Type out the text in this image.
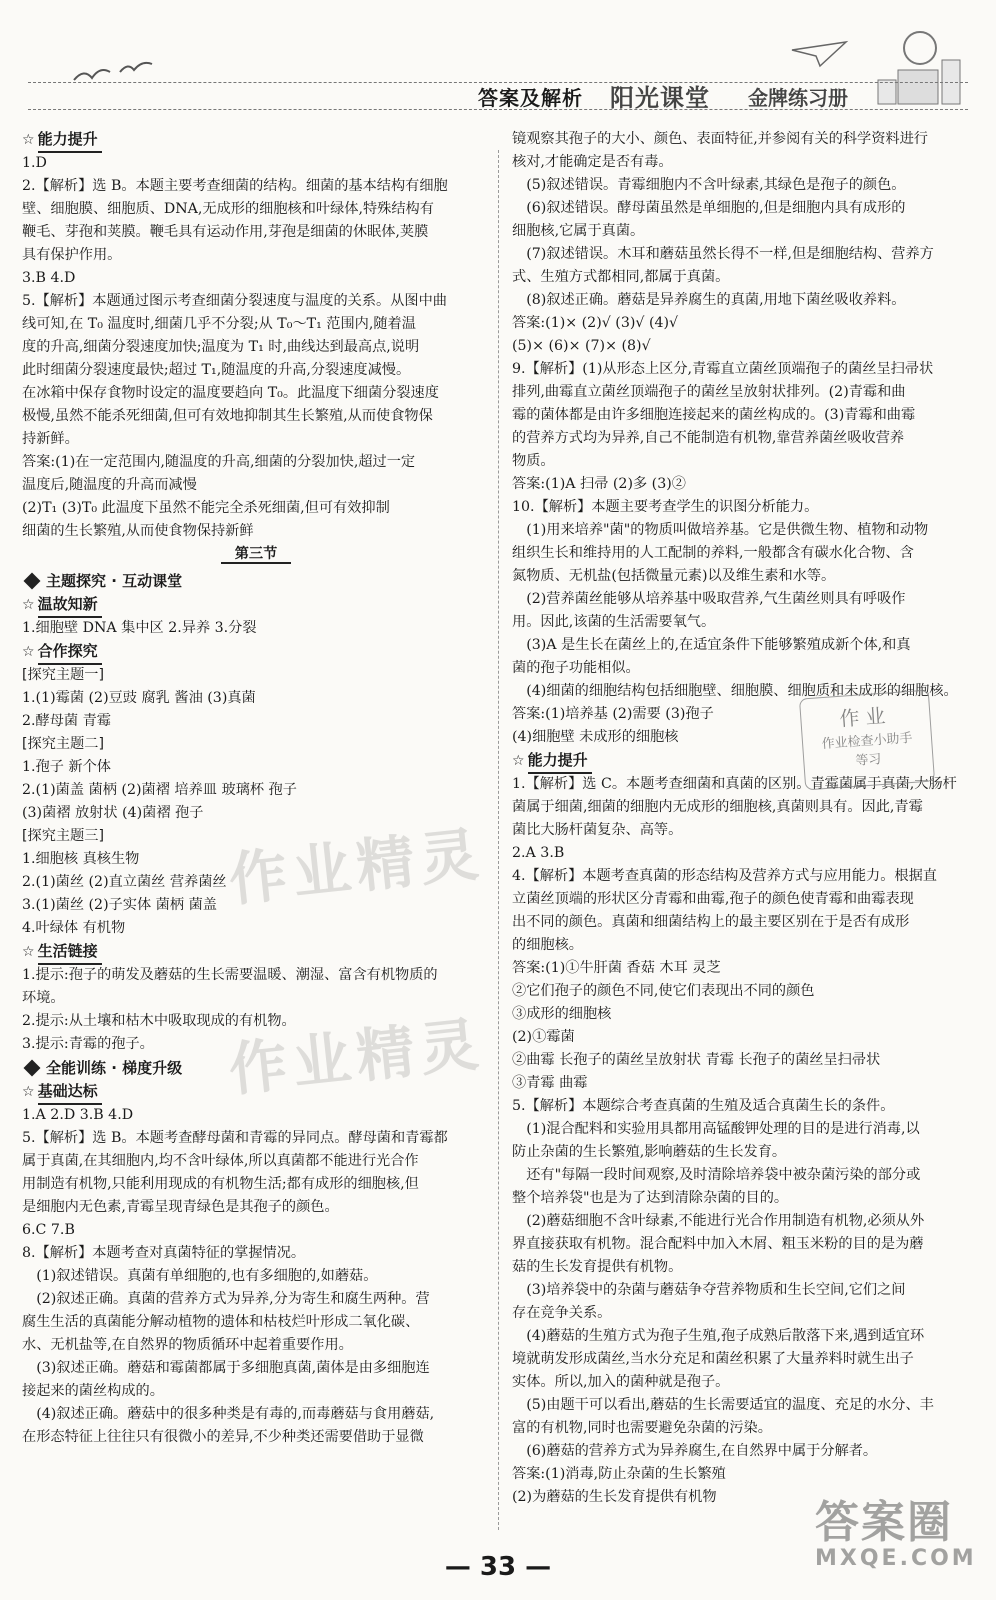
答案及解析 阳光课堂 金牌练习册
☆ 能力提升
1.D
2.【解析】选 B。本题主要考查细菌的结构。细菌的基本结构有细胞
壁、细胞膜、细胞质、DNA,无成形的细胞核和叶绿体,特殊结构有
鞭毛、芽孢和荚膜。鞭毛具有运动作用,芽孢是细菌的休眠体,荚膜
具有保护作用。
3.B 4.D
5.【解析】本题通过图示考查细菌分裂速度与温度的关系。从图中曲
线可知,在 T₀ 温度时,细菌几乎不分裂;从 T₀～T₁ 范围内,随着温
度的升高,细菌分裂速度加快;温度为 T₁ 时,曲线达到最高点,说明
此时细菌分裂速度最快;超过 T₁,随温度的升高,分裂速度减慢。
在冰箱中保存食物时设定的温度要趋向 T₀。此温度下细菌分裂速度
极慢,虽然不能杀死细菌,但可有效地抑制其生长繁殖,从而使食物保
持新鲜。
答案:(1)在一定范围内,随温度的升高,细菌的分裂加快,超过一定
温度后,随温度的升高而减慢
(2)T₁ (3)T₀ 此温度下虽然不能完全杀死细菌,但可有效抑制
细菌的生长繁殖,从而使食物保持新鲜
第三节
主题探究 · 互动课堂
☆ 温故知新
1.细胞壁 DNA 集中区 2.异养 3.分裂
☆ 合作探究
[探究主题一]
1.(1)霉菌 (2)豆豉 腐乳 酱油 (3)真菌
2.酵母菌 青霉
[探究主题二]
1.孢子 新个体
2.(1)菌盖 菌柄 (2)菌褶 培养皿 玻璃杯 孢子
(3)菌褶 放射状 (4)菌褶 孢子
[探究主题三]
1.细胞核 真核生物
2.(1)菌丝 (2)直立菌丝 营养菌丝
3.(1)菌丝 (2)子实体 菌柄 菌盖
4.叶绿体 有机物
☆ 生活链接
1.提示:孢子的萌发及蘑菇的生长需要温暖、潮湿、富含有机物质的
环境。
2.提示:从土壤和枯木中吸取现成的有机物。
3.提示:青霉的孢子。
全能训练 · 梯度升级
☆ 基础达标
1.A 2.D 3.B 4.D
5.【解析】选 B。本题考查酵母菌和青霉的异同点。酵母菌和青霉都
属于真菌,在其细胞内,均不含叶绿体,所以真菌都不能进行光合作
用制造有机物,只能利用现成的有机物生活;都有成形的细胞核,但
是细胞内无色素,青霉呈现青绿色是其孢子的颜色。
6.C 7.B
8.【解析】本题考查对真菌特征的掌握情况。
(1)叙述错误。真菌有单细胞的,也有多细胞的,如蘑菇。
(2)叙述正确。真菌的营养方式为异养,分为寄生和腐生两种。营
腐生生活的真菌能分解动植物的遗体和枯枝烂叶形成二氧化碳、
水、无机盐等,在自然界的物质循环中起着重要作用。
(3)叙述正确。蘑菇和霉菌都属于多细胞真菌,菌体是由多细胞连
接起来的菌丝构成的。
(4)叙述正确。蘑菇中的很多种类是有毒的,而毒蘑菇与食用蘑菇,
在形态特征上往往只有很微小的差异,不少种类还需要借助于显微
镜观察其孢子的大小、颜色、表面特征,并参阅有关的科学资料进行
核对,才能确定是否有毒。
(5)叙述错误。青霉细胞内不含叶绿素,其绿色是孢子的颜色。
(6)叙述错误。酵母菌虽然是单细胞的,但是细胞内具有成形的
细胞核,它属于真菌。
(7)叙述错误。木耳和蘑菇虽然长得不一样,但是细胞结构、营养方
式、生殖方式都相同,都属于真菌。
(8)叙述正确。蘑菇是异养腐生的真菌,用地下菌丝吸收养料。
答案:(1)× (2)√ (3)√ (4)√
(5)× (6)× (7)× (8)√
9.【解析】(1)从形态上区分,青霉直立菌丝顶端孢子的菌丝呈扫帚状
排列,曲霉直立菌丝顶端孢子的菌丝呈放射状排列。(2)青霉和曲
霉的菌体都是由许多细胞连接起来的菌丝构成的。(3)青霉和曲霉
的营养方式均为异养,自己不能制造有机物,靠营养菌丝吸收营养
物质。
答案:(1)A 扫帚 (2)多 (3)②
10.【解析】本题主要考查学生的识图分析能力。
(1)用来培养"菌"的物质叫做培养基。它是供微生物、植物和动物
组织生长和维持用的人工配制的养料,一般都含有碳水化合物、含
氮物质、无机盐(包括微量元素)以及维生素和水等。
(2)营养菌丝能够从培养基中吸取营养,气生菌丝则具有呼吸作
用。因此,该菌的生活需要氧气。
(3)A 是生长在菌丝上的,在适宜条件下能够繁殖成新个体,和真
菌的孢子功能相似。
(4)细菌的细胞结构包括细胞壁、细胞膜、细胞质和未成形的细胞核。
答案:(1)培养基 (2)需要 (3)孢子
(4)细胞壁 未成形的细胞核
☆ 能力提升
1.【解析】选 C。本题考查细菌和真菌的区别。青霉菌属于真菌,大肠杆
菌属于细菌,细菌的细胞内无成形的细胞核,真菌则具有。因此,青霉
菌比大肠杆菌复杂、高等。
2.A 3.B
4.【解析】本题考查真菌的形态结构及营养方式与应用能力。根据直
立菌丝顶端的形状区分青霉和曲霉,孢子的颜色使青霉和曲霉表现
出不同的颜色。真菌和细菌结构上的最主要区别在于是否有成形
的细胞核。
答案:(1)①牛肝菌 香菇 木耳 灵芝
②它们孢子的颜色不同,使它们表现出不同的颜色
③成形的细胞核
(2)①霉菌
②曲霉 长孢子的菌丝呈放射状 青霉 长孢子的菌丝呈扫帚状
③青霉 曲霉
5.【解析】本题综合考查真菌的生殖及适合真菌生长的条件。
(1)混合配料和实验用具都用高锰酸钾处理的目的是进行消毒,以
防止杂菌的生长繁殖,影响蘑菇的生长发育。
还有"每隔一段时间观察,及时清除培养袋中被杂菌污染的部分或
整个培养袋"也是为了达到清除杂菌的目的。
(2)蘑菇细胞不含叶绿素,不能进行光合作用制造有机物,必须从外
界直接获取有机物。混合配料中加入木屑、粗玉米粉的目的是为蘑
菇的生长发育提供有机物。
(3)培养袋中的杂菌与蘑菇争夺营养物质和生长空间,它们之间
存在竞争关系。
(4)蘑菇的生殖方式为孢子生殖,孢子成熟后散落下来,遇到适宜环
境就萌发形成菌丝,当水分充足和菌丝积累了大量养料时就生出子
实体。所以,加入的菌种就是孢子。
(5)由题干可以看出,蘑菇的生长需要适宜的温度、充足的水分、丰
富的有机物,同时也需要避免杂菌的污染。
(6)蘑菇的营养方式为异养腐生,在自然界中属于分解者。
答案:(1)消毒,防止杂菌的生长繁殖
(2)为蘑菇的生长发育提供有机物
作业精灵
作业精灵
作业
作业检查小助手
等习
答案圈
MXQE.COM
— 33 —
